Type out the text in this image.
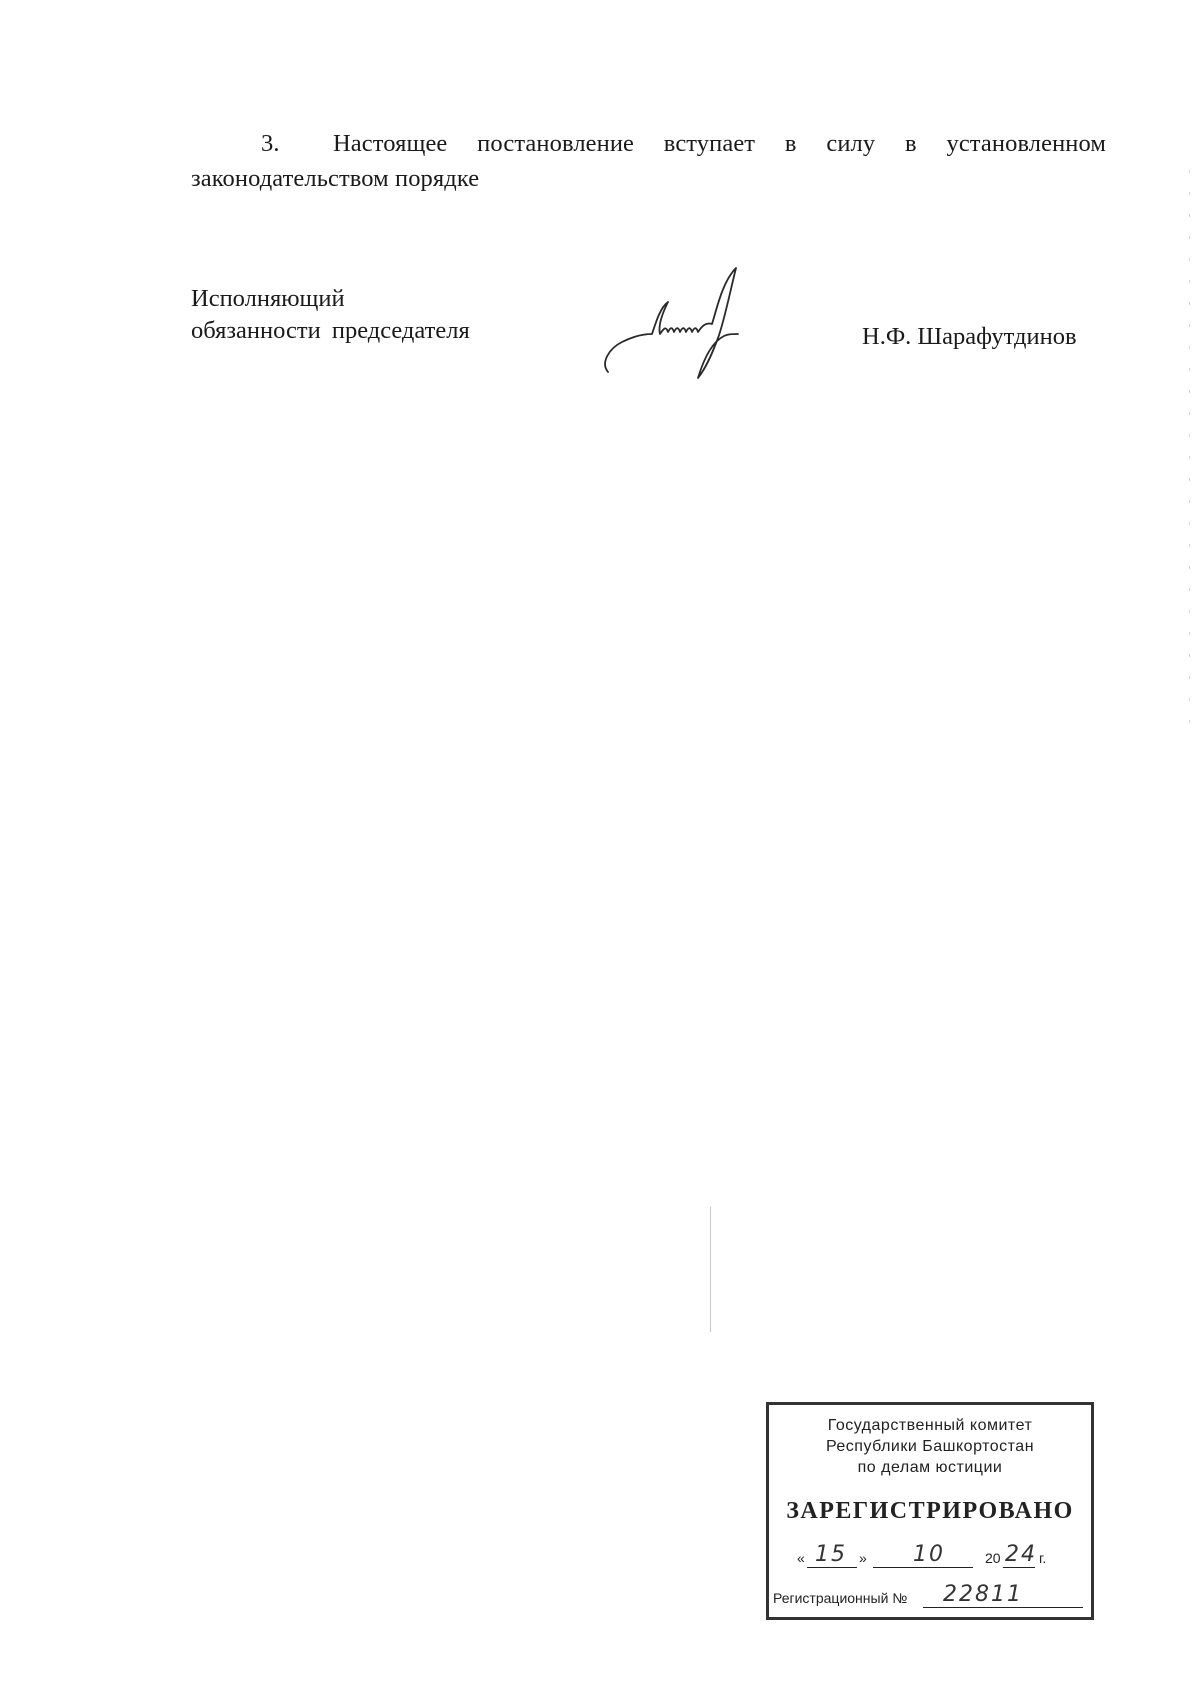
3. Настоящее постановление вступает в силу в установленном законодательством порядке
Исполняющий
обязанности председателя	Н.Ф. Шарафутдинов
Государственный комитет
Республики Башкортостан
по делам юстиции
ЗАРЕГИСТРИРОВАНО
« 15 » 10	20 24 г.
Регистрационный № 22811
